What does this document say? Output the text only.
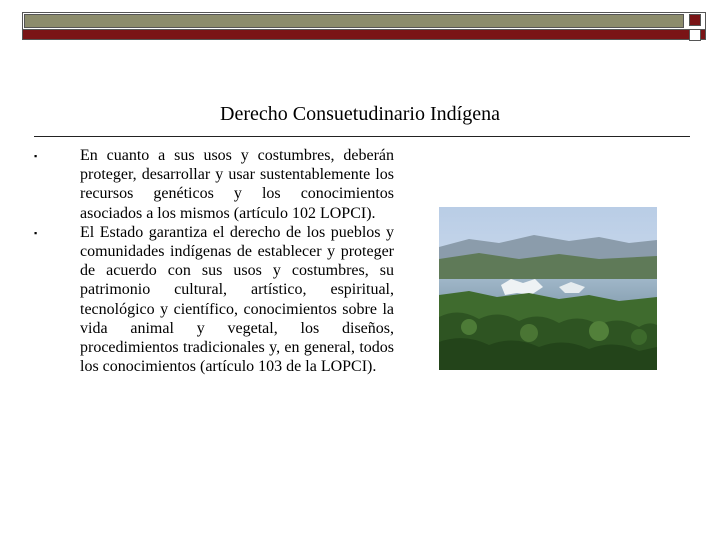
Derecho Consuetudinario Indígena
▪	En cuanto a sus usos y costumbres, deberán proteger, desarrollar y usar sustentablemente los recursos genéticos y los conocimientos asociados a los mismos (artículo 102 LOPCI).
▪	El Estado garantiza el derecho de los pueblos y comunidades indígenas de establecer y proteger de acuerdo con sus usos y costumbres, su patrimonio cultural, artístico, espiritual, tecnológico y científico, conocimientos sobre la vida animal y vegetal, los diseños, procedimientos tradicionales y, en general, todos los conocimientos (artículo 103 de la LOPCI).
